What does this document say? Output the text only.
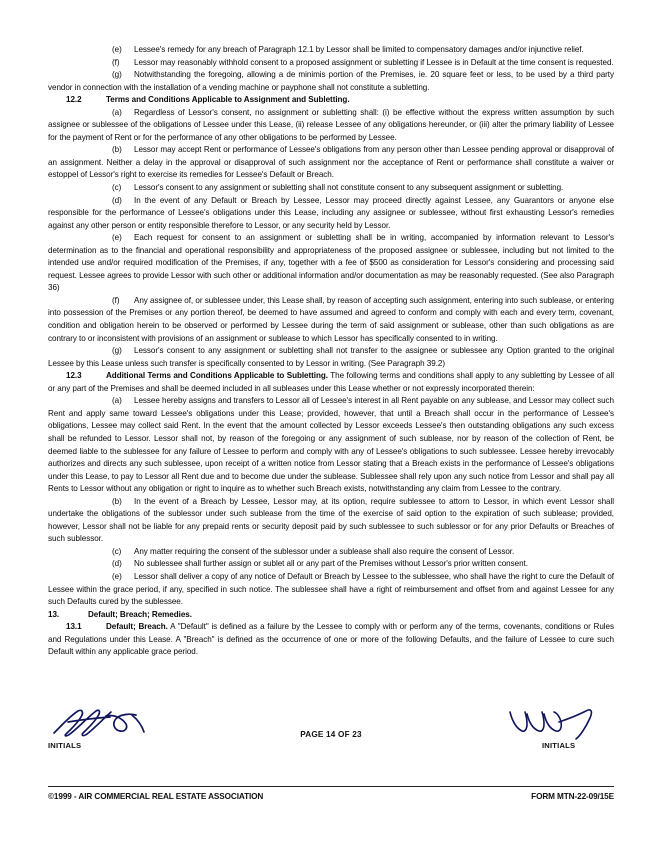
(e) Lessee's remedy for any breach of Paragraph 12.1 by Lessor shall be limited to compensatory damages and/or injunctive relief.

(f) Lessor may reasonably withhold consent to a proposed assignment or subletting if Lessee is in Default at the time consent is requested.

(g) Notwithstanding the foregoing, allowing a de minimis portion of the Premises, ie. 20 square feet or less, to be used by a third party vendor in connection with the installation of a vending machine or payphone shall not constitute a subletting.

12.2	Terms and Conditions Applicable to Assignment and Subletting.

(a) Regardless of Lessor's consent, no assignment or subletting shall: (i) be effective without the express written assumption by such assignee or sublessee of the obligations of Lessee under this Lease, (ii) release Lessee of any obligations hereunder, or (iii) alter the primary liability of Lessee for the payment of Rent or for the performance of any other obligations to be performed by Lessee.

(b) Lessor may accept Rent or performance of Lessee's obligations from any person other than Lessee pending approval or disapproval of an assignment. Neither a delay in the approval or disapproval of such assignment nor the acceptance of Rent or performance shall constitute a waiver or estoppel of Lessor's right to exercise its remedies for Lessee's Default or Breach.

(c) Lessor's consent to any assignment or subletting shall not constitute consent to any subsequent assignment or subletting.

(d) In the event of any Default or Breach by Lessee, Lessor may proceed directly against Lessee, any Guarantors or anyone else responsible for the performance of Lessee's obligations under this Lease, including any assignee or sublessee, without first exhausting Lessor's remedies against any other person or entity responsible therefore to Lessor, or any security held by Lessor.

(e) Each request for consent to an assignment or subletting shall be in writing, accompanied by information relevant to Lessor's determination as to the financial and operational responsibility and appropriateness of the proposed assignee or sublessee, including but not limited to the intended use and/or required modification of the Premises, if any, together with a fee of $500 as consideration for Lessor's considering and processing said request. Lessee agrees to provide Lessor with such other or additional information and/or documentation as may be reasonably requested. (See also Paragraph 36)

(f) Any assignee of, or sublessee under, this Lease shall, by reason of accepting such assignment, entering into such sublease, or entering into possession of the Premises or any portion thereof, be deemed to have assumed and agreed to conform and comply with each and every term, covenant, condition and obligation herein to be observed or performed by Lessee during the term of said assignment or sublease, other than such obligations as are contrary to or inconsistent with provisions of an assignment or sublease to which Lessor has specifically consented to in writing.

(g) Lessor's consent to any assignment or subletting shall not transfer to the assignee or sublessee any Option granted to the original Lessee by this Lease unless such transfer is specifically consented to by Lessor in writing. (See Paragraph 39.2)

12.3	Additional Terms and Conditions Applicable to Subletting. The following terms and conditions shall apply to any subletting by Lessee of all or any part of the Premises and shall be deemed included in all subleases under this Lease whether or not expressly incorporated therein:

(a) Lessee hereby assigns and transfers to Lessor all of Lessee's interest in all Rent payable on any sublease, and Lessor may collect such Rent and apply same toward Lessee's obligations under this Lease; provided, however, that until a Breach shall occur in the performance of Lessee's obligations, Lessee may collect said Rent. In the event that the amount collected by Lessor exceeds Lessee's then outstanding obligations any such excess shall be refunded to Lessor. Lessor shall not, by reason of the foregoing or any assignment of such sublease, nor by reason of the collection of Rent, be deemed liable to the sublessee for any failure of Lessee to perform and comply with any of Lessee's obligations to such sublessee. Lessee hereby irrevocably authorizes and directs any such sublessee, upon receipt of a written notice from Lessor stating that a Breach exists in the performance of Lessee's obligations under this Lease, to pay to Lessor all Rent due and to become due under the sublease. Sublessee shall rely upon any such notice from Lessor and shall pay all Rents to Lessor without any obligation or right to inquire as to whether such Breach exists, notwithstanding any claim from Lessee to the contrary.

(b) In the event of a Breach by Lessee, Lessor may, at its option, require sublessee to attorn to Lessor, in which event Lessor shall undertake the obligations of the sublessor under such sublease from the time of the exercise of said option to the expiration of such sublease; provided, however, Lessor shall not be liable for any prepaid rents or security deposit paid by such sublessee to such sublessor or for any prior Defaults or Breaches of such sublessor.

(c) Any matter requiring the consent of the sublessor under a sublease shall also require the consent of Lessor.

(d) No sublessee shall further assign or sublet all or any part of the Premises without Lessor's prior written consent.

(e) Lessor shall deliver a copy of any notice of Default or Breach by Lessee to the sublessee, who shall have the right to cure the Default of Lessee within the grace period, if any, specified in such notice. The sublessee shall have a right of reimbursement and offset from and against Lessee for any such Defaults cured by the sublessee.

13.	Default; Breach; Remedies.

13.1	Default; Breach. A "Default" is defined as a failure by the Lessee to comply with or perform any of the terms, covenants, conditions or Rules and Regulations under this Lease. A "Breach" is defined as the occurrence of one or more of the following Defaults, and the failure of Lessee to cure such Default within any applicable grace period.

INITIALS
PAGE 14 OF 23
INITIALS
©1999 - AIR COMMERCIAL REAL ESTATE ASSOCIATION	FORM MTN-22-09/15E
